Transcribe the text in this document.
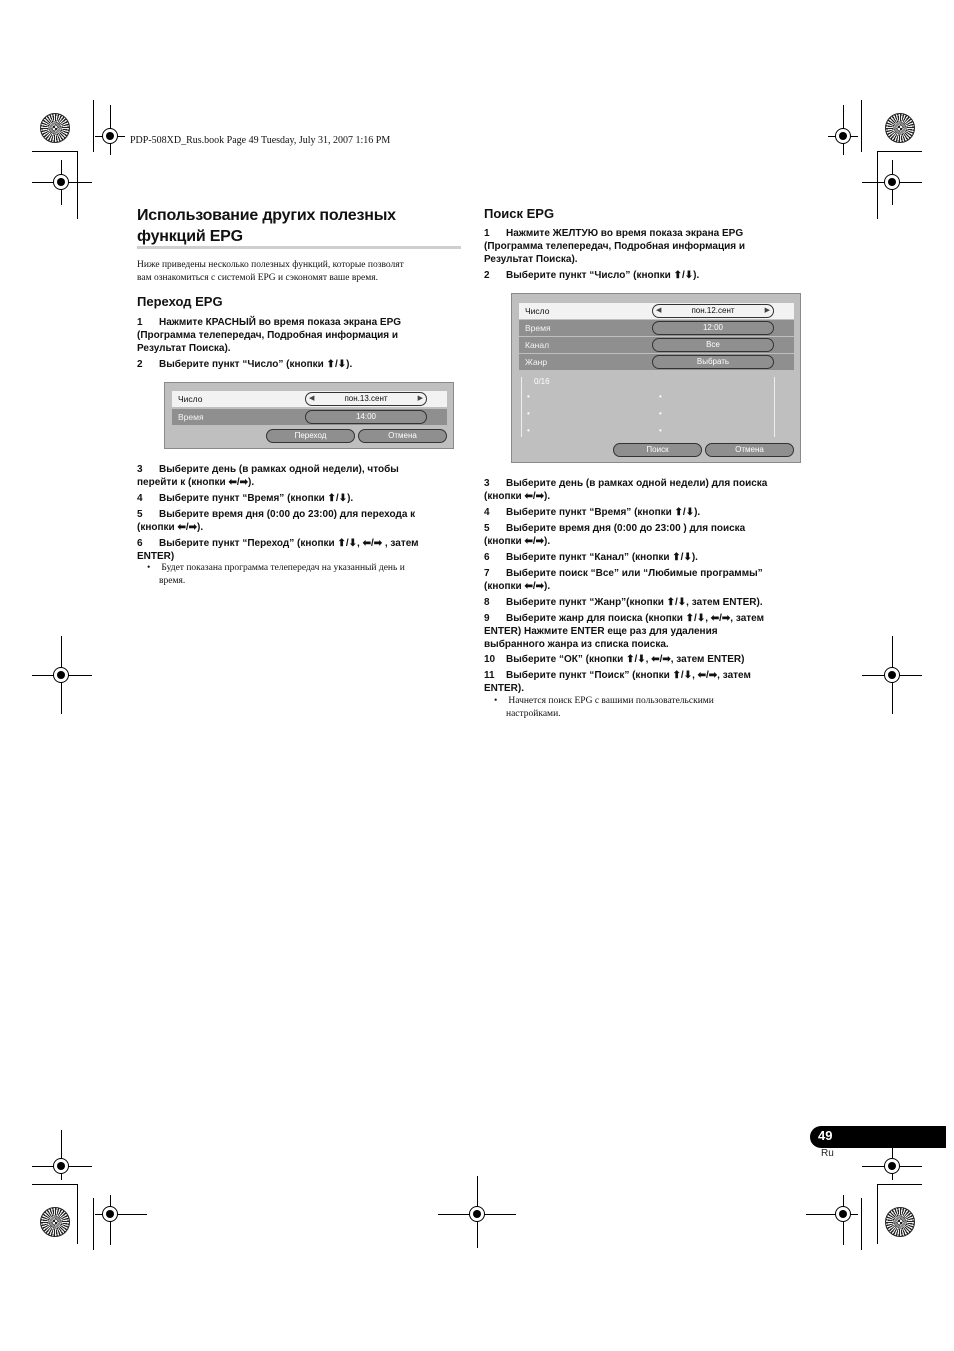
PDP-508XD_Rus.book Page 49 Tuesday, July 31, 2007 1:16 PM
Использование других полезных
функций EPG
Ниже приведены несколько полезных функций, которые позволят
вам ознакомиться с системой EPG и сэкономят ваше время.
Переход EPG
1 Нажмите КРАСНЫЙ во время показа экрана EPG
(Программа телепередач, Подробная информация и
Результат Поиска).
2 Выберите пункт “Число” (кнопки ⬆/⬇).
Число	◀	пон.13.сент	▶
Время	14:00
Переход	Отмена
3 Выберите день (в рамках одной недели), чтобы
перейти к (кнопки ⬅/➡).
4 Выберите пункт “Время” (кнопки ⬆/⬇).
5 Выберите время дня (0:00 до 23:00) для перехода к
(кнопки ⬅/➡).
6 Выберите пункт “Переход” (кнопки ⬆/⬇, ⬅/➡ , затем
ENTER)
• Будет показана программа телепередач на указанный день и
время.
Поиск EPG
1 Нажмите ЖЕЛТУЮ во время показа экрана EPG
(Программа телепередач, Подробная информация и
Результат Поиска).
2 Выберите пункт “Число” (кнопки ⬆/⬇).
Число	◀	пон.12.сент	▶
Время	12:00
Канал	Все
Жанр	Выбрать
0/16
•	•
•	•
•	•
Поиск	Отмена
3 Выберите день (в рамках одной недели) для поиска
(кнопки ⬅/➡).
4 Выберите пункт “Время” (кнопки ⬆/⬇).
5 Выберите время дня (0:00 до 23:00 ) для поиска
(кнопки ⬅/➡).
6 Выберите пункт “Канал” (кнопки ⬆/⬇).
7 Выберите поиск “Все” или “Любимые программы”
(кнопки ⬅/➡).
8 Выберите пункт “Жанр”(кнопки ⬆/⬇, затем ENTER).
9 Выберите жанр для поиска (кнопки ⬆/⬇, ⬅/➡, затем
ENTER) Нажмите ENTER еще раз для удаления
выбранного жанра из списка поиска.
10 Выберите “ОК” (кнопки ⬆/⬇, ⬅/➡, затем ENTER)
11 Выберите пункт “Поиск” (кнопки ⬆/⬇, ⬅/➡, затем
ENTER).
• Начнется поиск EPG с вашими пользовательскими
настройками.
49
Ru
